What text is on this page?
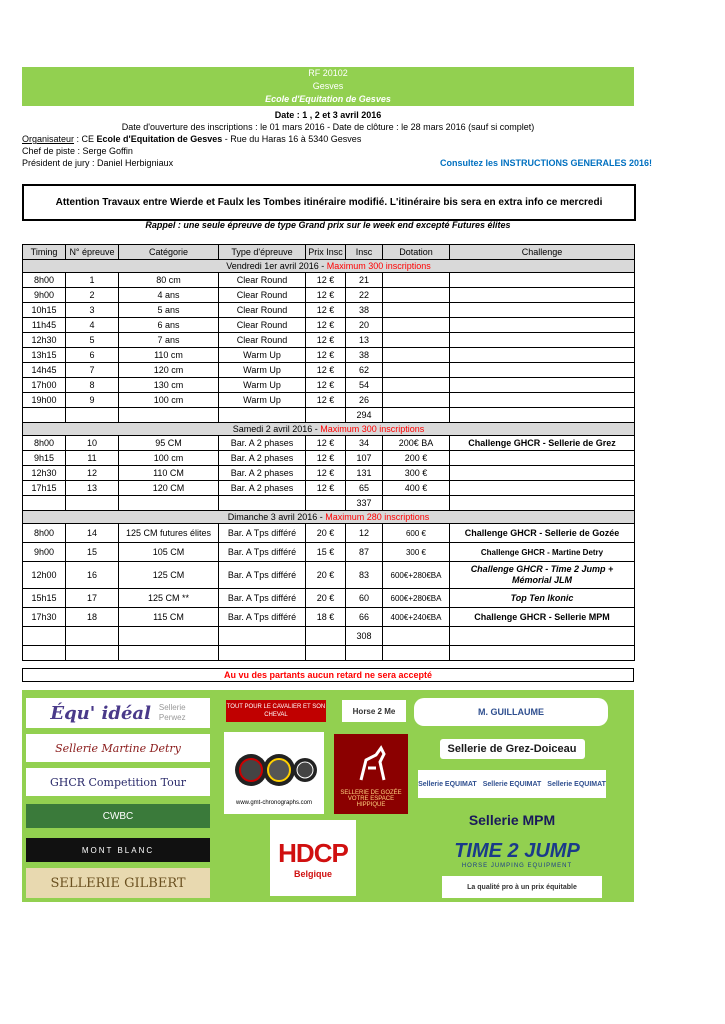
RF 20102
Gesves
Ecole d'Equitation de Gesves
Date : 1 , 2 et 3 avril 2016
Date d'ouverture des inscriptions : le 01 mars 2016 - Date de clôture : le 28 mars 2016 (sauf si complet)
Organisateur : CE Ecole d'Equitation de Gesves - Rue du Haras 16 à 5340 Gesves
Chef de piste : Serge Goffin
Président de jury : Daniel Herbigniaux	Consultez les INSTRUCTIONS GENERALES 2016!
Attention Travaux entre Wierde et Faulx les Tombes itinéraire modifié. L'itinéraire bis sera en extra info ce mercredi
Rappel : une seule épreuve de type Grand prix sur le week end excepté Futures élites
Timing	N° épreuve	Catégorie	Type d'épreuve	Prix Insc	Insc	Dotation	Challenge
Vendredi 1er avril 2016 - Maximum 300 inscriptions							
8h00	1	80 cm	Clear Round	12 €	21		
9h00	2	4 ans	Clear Round	12 €	22		
10h15	3	5 ans	Clear Round	12 €	38		
11h45	4	6 ans	Clear Round	12 €	20		
12h30	5	7 ans	Clear Round	12 €	13		
13h15	6	110 cm	Warm Up	12 €	38		
14h45	7	120 cm	Warm Up	12 €	62		
17h00	8	130 cm	Warm Up	12 €	54		
19h00	9	100 cm	Warm Up	12 €	26		
					294		
Samedi 2 avril 2016 - Maximum 300 inscriptions							
8h00	10	95 CM	Bar. A 2 phases	12 €	34	200€ BA	Challenge GHCR - Sellerie de Grez
9h15	11	100 cm	Bar. A 2 phases	12 €	107	200 €	
12h30	12	110 CM	Bar. A 2 phases	12 €	131	300 €	
17h15	13	120 CM	Bar. A 2 phases	12 €	65	400 €	
					337		
Dimanche 3 avril 2016 - Maximum 280 inscriptions							
8h00	14	125 CM futures élites	Bar. A Tps différé	20 €	12	600 €	Challenge GHCR - Sellerie de Gozée
9h00	15	105 CM	Bar. A Tps différé	15 €	87	300 €	Challenge GHCR - Martine Detry
12h00	16	125 CM	Bar. A Tps différé	20 €	83	600€+280€BA	Challenge GHCR - Time 2 Jump + Mémorial JLM
15h15	17	125 CM **	Bar. A Tps différé	20 €	60	600€+280€BA	Top Ten Ikonic
17h30	18	115 CM	Bar. A Tps différé	18 €	66	400€+240€BA	Challenge GHCR - Sellerie MPM
					308		

Au vu des partants aucun retard ne sera accepté
Équ' idéal Sellerie
Perwez
TOUT POUR LE CAVALIER ET SON CHEVAL	Horse 2 Me	M. GUILLAUME
Sellerie Martine Detry
www.gmt-chronographs.com
SELLERIE DE GOZÉE
VOTRE ESPACE HIPPIQUE
Sellerie de Grez-Doiceau
GHCR Competition Tour	Sellerie EQUIMAT Sellerie EQUIMAT Sellerie EQUIMAT
CWBC	Sellerie MPM
MONT BLANC	HDCP
Belgique
TIME 2 JUMP
HORSE JUMPING EQUIPMENT
SELLERIE GILBERT	La qualité pro à un prix équitable
